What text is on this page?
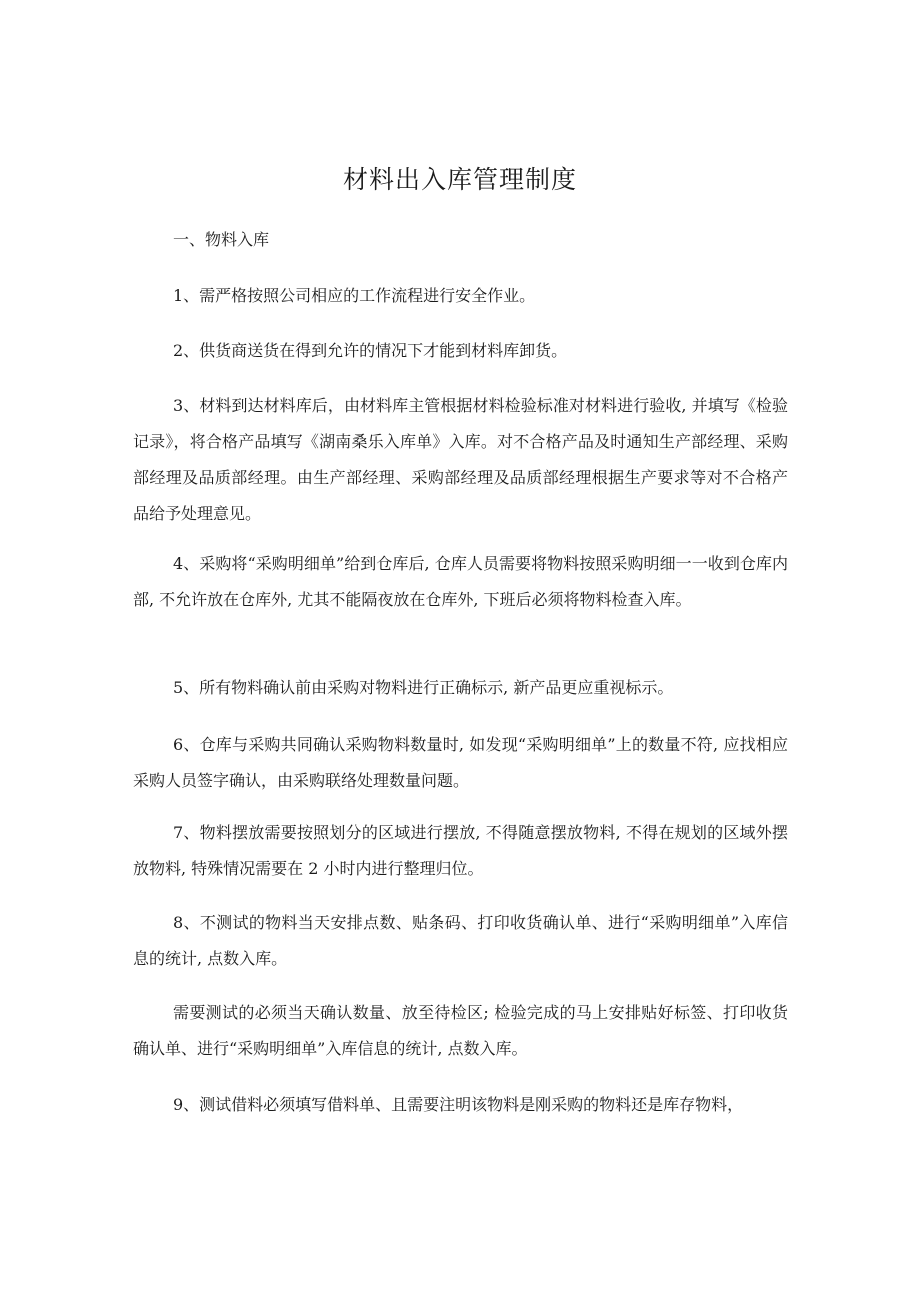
材料出入库管理制度
一、物料入库
1、需严格按照公司相应的工作流程进行安全作业。
2、供货商送货在得到允许的情况下才能到材料库卸货。
3、材料到达材料库后，由材料库主管根据材料检验标准对材料进行验收, 并填写《检验记录》，将合格产品填写《湖南桑乐入库单》入库。对不合格产品及时通知生产部经理、采购部经理及品质部经理。由生产部经理、采购部经理及品质部经理根据生产要求等对不合格产品给予处理意见。
4、采购将“采购明细单”给到仓库后, 仓库人员需要将物料按照采购明细一一收到仓库内部, 不允许放在仓库外, 尤其不能隔夜放在仓库外, 下班后必须将物料检查入库。
5、所有物料确认前由采购对物料进行正确标示, 新产品更应重视标示。
6、仓库与采购共同确认采购物料数量时, 如发现“采购明细单”上的数量不符, 应找相应采购人员签字确认，由采购联络处理数量问题。
7、物料摆放需要按照划分的区域进行摆放, 不得随意摆放物料, 不得在规划的区域外摆放物料, 特殊情况需要在 2 小时内进行整理归位。
8、不测试的物料当天安排点数、贴条码、打印收货确认单、进行“采购明细单”入库信息的统计, 点数入库。
需要测试的必须当天确认数量、放至待检区; 检验完成的马上安排贴好标签、打印收货确认单、进行“采购明细单”入库信息的统计, 点数入库。
9、测试借料必须填写借料单、且需要注明该物料是刚采购的物料还是库存物料，
